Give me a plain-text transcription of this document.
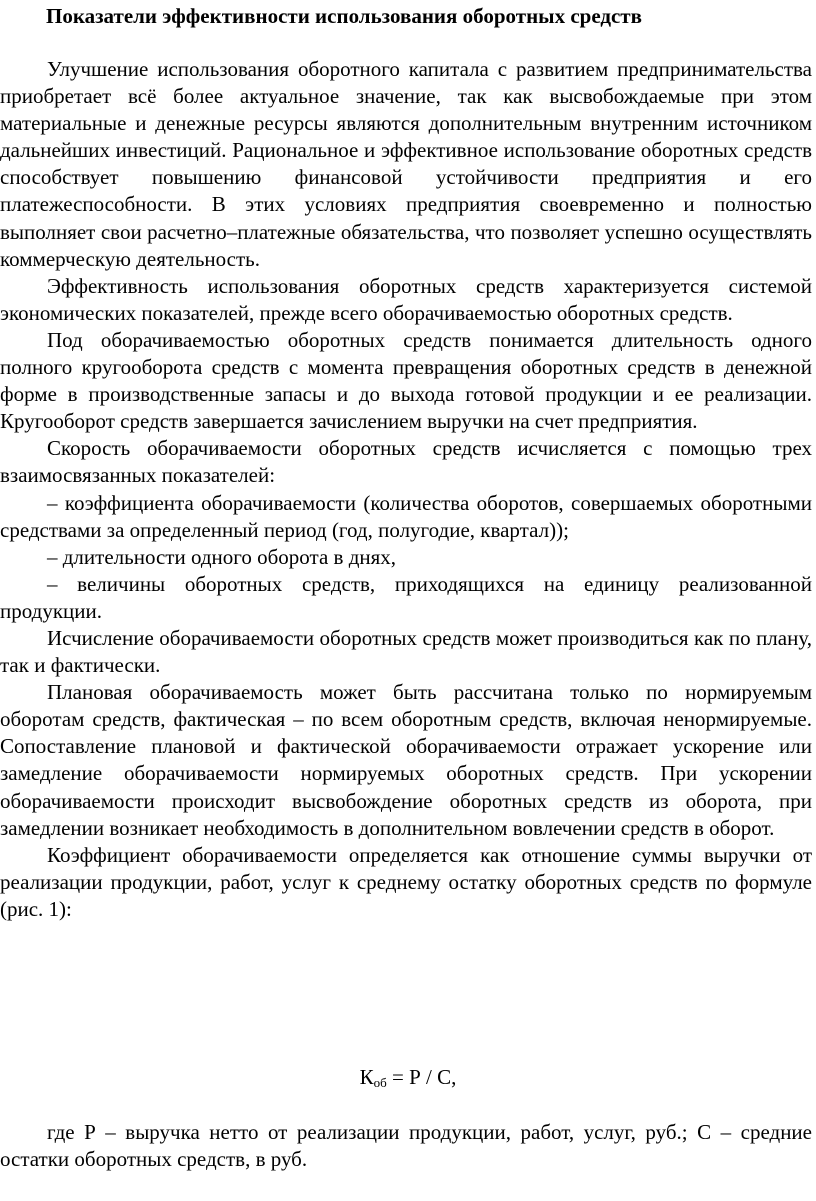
Показатели эффективности использования оборотных средств

Улучшение использования оборотного капитала с развитием предпринимательства приобретает всё более актуальное значение, так как высвобождаемые при этом материальные и денежные ресурсы являются дополнительным внутренним источником дальнейших инвестиций. Рациональное и эффективное использование оборотных средств способствует повышению финансовой устойчивости предприятия и его платежеспособности. В этих условиях предприятия своевременно и полностью выполняет свои расчетно–платежные обязательства, что позволяет успешно осуществлять коммерческую деятельность.

Эффективность использования оборотных средств характеризуется системой экономических показателей, прежде всего оборачиваемостью оборотных средств.

Под оборачиваемостью оборотных средств понимается длительность одного полного кругооборота средств с момента превращения оборотных средств в денежной форме в производственные запасы и до выхода готовой продукции и ее реализации. Кругооборот средств завершается зачислением выручки на счет предприятия.

Скорость оборачиваемости оборотных средств исчисляется с помощью трех взаимосвязанных показателей:

– коэффициента оборачиваемости (количества оборотов, совершаемых оборотными средствами за определенный период (год, полугодие, квартал));

– длительности одного оборота в днях,

– величины оборотных средств, приходящихся на единицу реализованной продукции.

Исчисление оборачиваемости оборотных средств может производиться как по плану, так и фактически.

Плановая оборачиваемость может быть рассчитана только по нормируемым оборотам средств, фактическая – по всем оборотным средств, включая ненормируемые. Сопоставление плановой и фактической оборачиваемости отражает ускорение или замедление оборачиваемости нормируемых оборотных средств. При ускорении оборачиваемости происходит высвобождение оборотных средств из оборота, при замедлении возникает необходимость в дополнительном вовлечении средств в оборот.

Коэффициент оборачиваемости определяется как отношение суммы выручки от реализации продукции, работ, услуг к среднему остатку оборотных средств по формуле (рис. 1):

$К_{об} = Р / С$,

где Р – выручка нетто от реализации продукции, работ, услуг, руб.; С – средние остатки оборотных средств, в руб.
